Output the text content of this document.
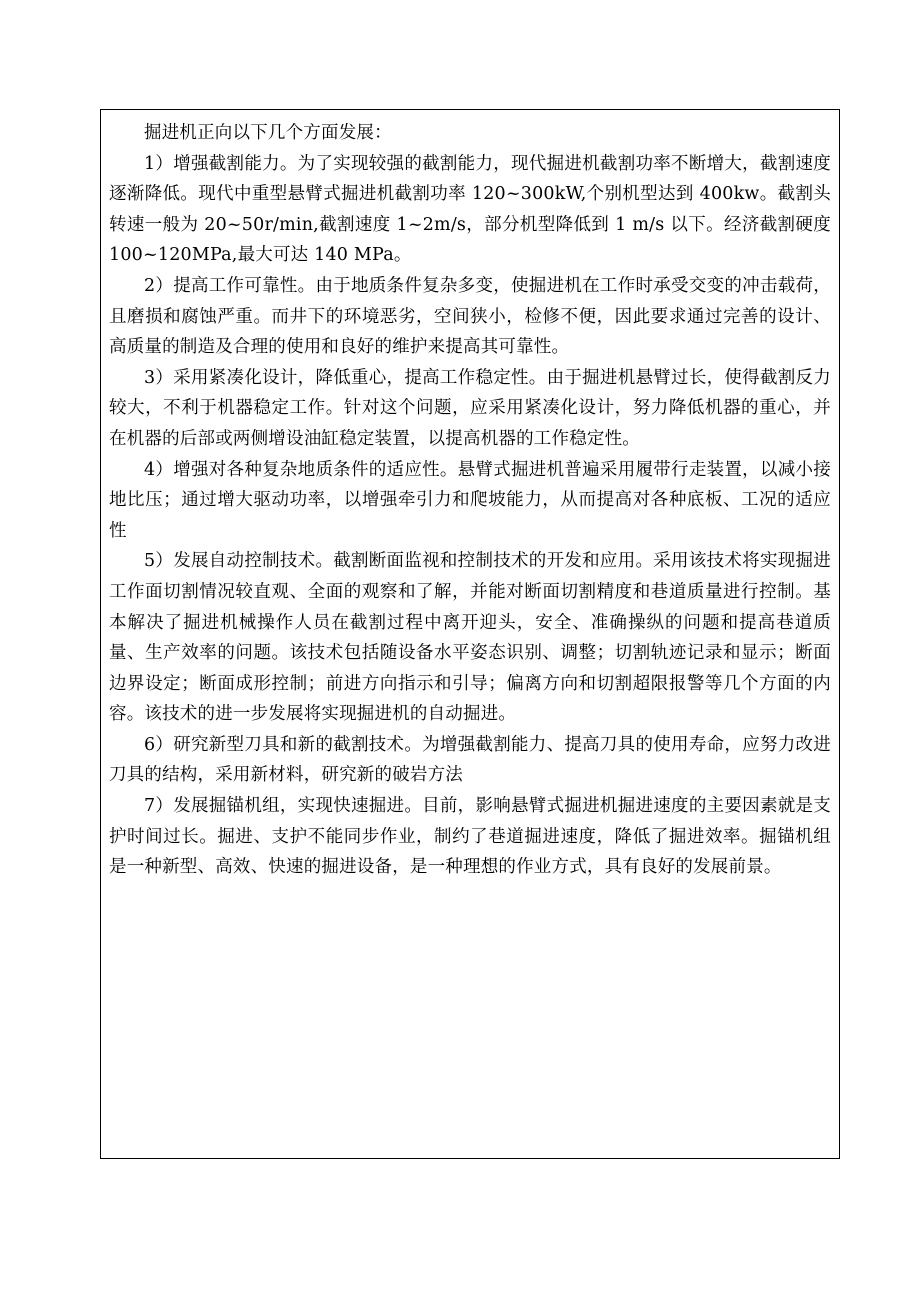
掘进机正向以下几个方面发展：

1）增强截割能力。为了实现较强的截割能力，现代掘进机截割功率不断增大，截割速度逐渐降低。现代中重型悬臂式掘进机截割功率 120~300kW,个别机型达到 400kw。截割头转速一般为 20~50r/min,截割速度 1~2m/s，部分机型降低到 1 m/s 以下。经济截割硬度 100~120MPa,最大可达 140 MPa。

2）提高工作可靠性。由于地质条件复杂多变，使掘进机在工作时承受交变的冲击载荷，且磨损和腐蚀严重。而井下的环境恶劣，空间狭小，检修不便，因此要求通过完善的设计、高质量的制造及合理的使用和良好的维护来提高其可靠性。

3）采用紧凑化设计，降低重心，提高工作稳定性。由于掘进机悬臂过长，使得截割反力较大，不利于机器稳定工作。针对这个问题，应采用紧凑化设计，努力降低机器的重心，并在机器的后部或两侧增设油缸稳定装置，以提高机器的工作稳定性。

4）增强对各种复杂地质条件的适应性。悬臂式掘进机普遍采用履带行走装置，以减小接地比压；通过增大驱动功率，以增强牵引力和爬坡能力，从而提高对各种底板、工况的适应性

5）发展自动控制技术。截割断面监视和控制技术的开发和应用。采用该技术将实现掘进工作面切割情况较直观、全面的观察和了解，并能对断面切割精度和巷道质量进行控制。基本解决了掘进机械操作人员在截割过程中离开迎头，安全、准确操纵的问题和提高巷道质量、生产效率的问题。该技术包括随设备水平姿态识别、调整；切割轨迹记录和显示；断面边界设定；断面成形控制；前进方向指示和引导；偏离方向和切割超限报警等几个方面的内容。该技术的进一步发展将实现掘进机的自动掘进。

6）研究新型刀具和新的截割技术。为增强截割能力、提高刀具的使用寿命，应努力改进刀具的结构，采用新材料，研究新的破岩方法

7）发展掘锚机组，实现快速掘进。目前，影响悬臂式掘进机掘进速度的主要因素就是支护时间过长。掘进、支护不能同步作业，制约了巷道掘进速度，降低了掘进效率。掘锚机组是一种新型、高效、快速的掘进设备，是一种理想的作业方式，具有良好的发展前景。
